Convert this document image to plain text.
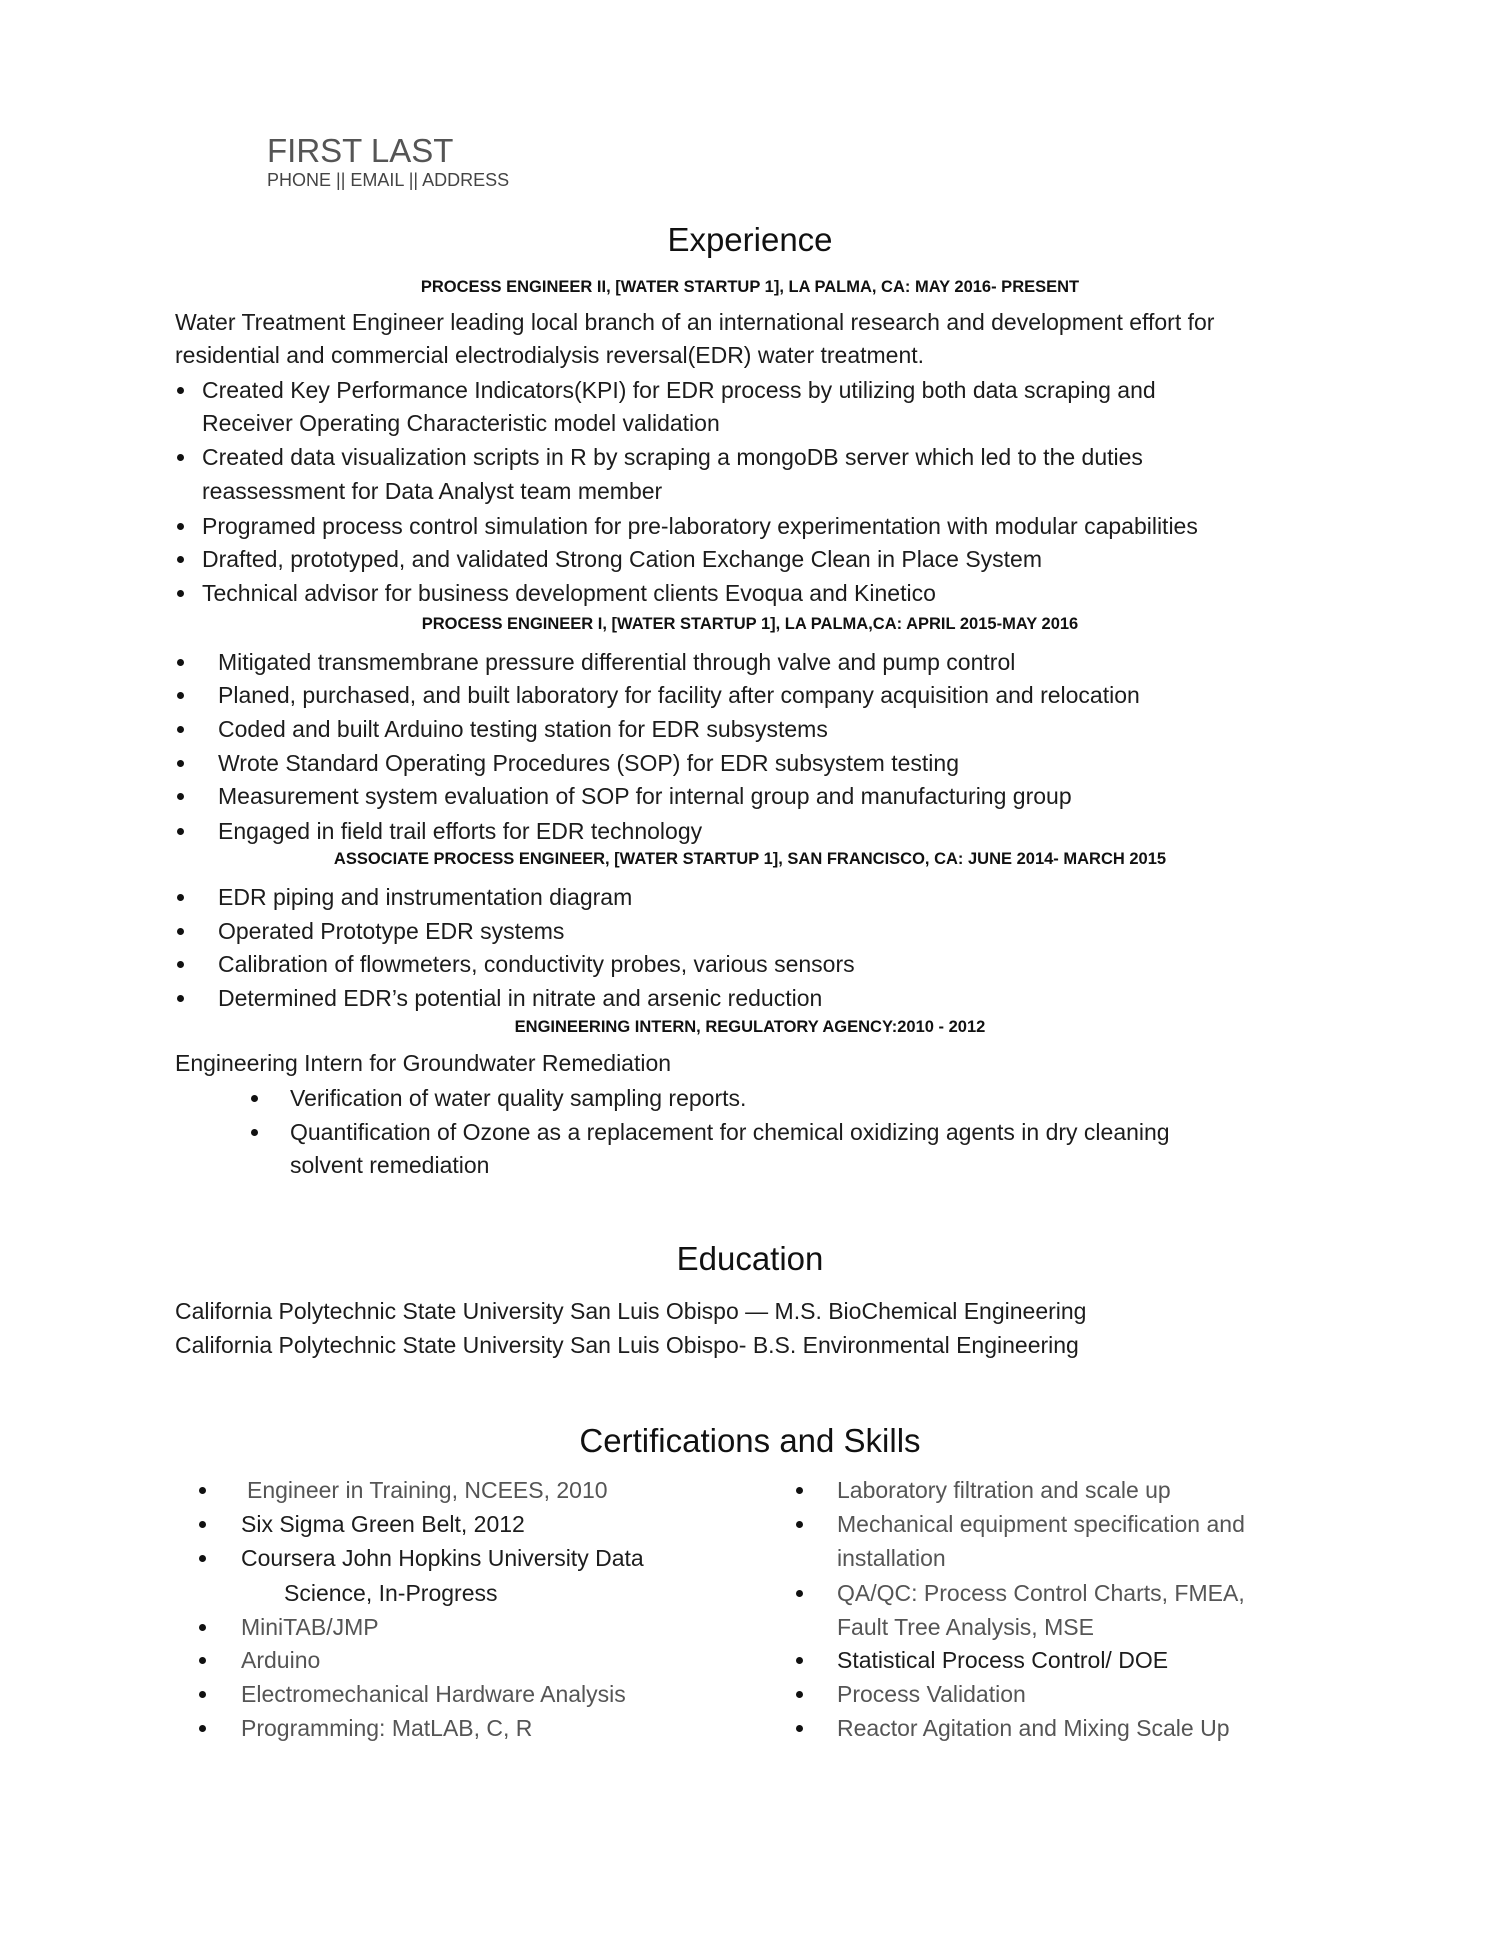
FIRST LAST
PHONE || EMAIL || ADDRESS
Experience
PROCESS ENGINEER II, [WATER STARTUP 1], LA PALMA, CA: MAY 2016- PRESENT
Water Treatment Engineer leading local branch of an international research and development effort for
residential and commercial electrodialysis reversal(EDR) water treatment.
Created Key Performance Indicators(KPI) for EDR process by utilizing both data scraping and
Receiver Operating Characteristic model validation
Created data visualization scripts in R by scraping a mongoDB server which led to the duties
reassessment for Data Analyst team member
Programed process control simulation for pre-laboratory experimentation with modular capabilities
Drafted, prototyped, and validated Strong Cation Exchange Clean in Place System
Technical advisor for business development clients Evoqua and Kinetico
PROCESS ENGINEER I, [WATER STARTUP 1], LA PALMA,CA: APRIL 2015-MAY 2016
Mitigated transmembrane pressure differential through valve and pump control
Planed, purchased, and built laboratory for facility after company acquisition and relocation
Coded and built Arduino testing station for EDR subsystems
Wrote Standard Operating Procedures (SOP) for EDR subsystem testing
Measurement system evaluation of SOP for internal group and manufacturing group
Engaged in field trail efforts for EDR technology
ASSOCIATE PROCESS ENGINEER, [WATER STARTUP 1], SAN FRANCISCO, CA: JUNE 2014- MARCH 2015
EDR piping and instrumentation diagram
Operated Prototype EDR systems
Calibration of flowmeters, conductivity probes, various sensors
Determined EDR’s potential in nitrate and arsenic reduction
ENGINEERING INTERN, REGULATORY AGENCY:2010 - 2012
Engineering Intern for Groundwater Remediation
Verification of water quality sampling reports.
Quantification of Ozone as a replacement for chemical oxidizing agents in dry cleaning
solvent remediation
Education
California Polytechnic State University San Luis Obispo — M.S. BioChemical Engineering
California Polytechnic State University San Luis Obispo- B.S. Environmental Engineering
Certifications and Skills
Engineer in Training, NCEES, 2010
Six Sigma Green Belt, 2012
Coursera John Hopkins University Data
Science, In-Progress
MiniTAB/JMP
Arduino
Electromechanical Hardware Analysis
Programming: MatLAB, C, R
Laboratory filtration and scale up
Mechanical equipment specification and
installation
QA/QC: Process Control Charts, FMEA,
Fault Tree Analysis, MSE
Statistical Process Control/ DOE
Process Validation
Reactor Agitation and Mixing Scale Up
